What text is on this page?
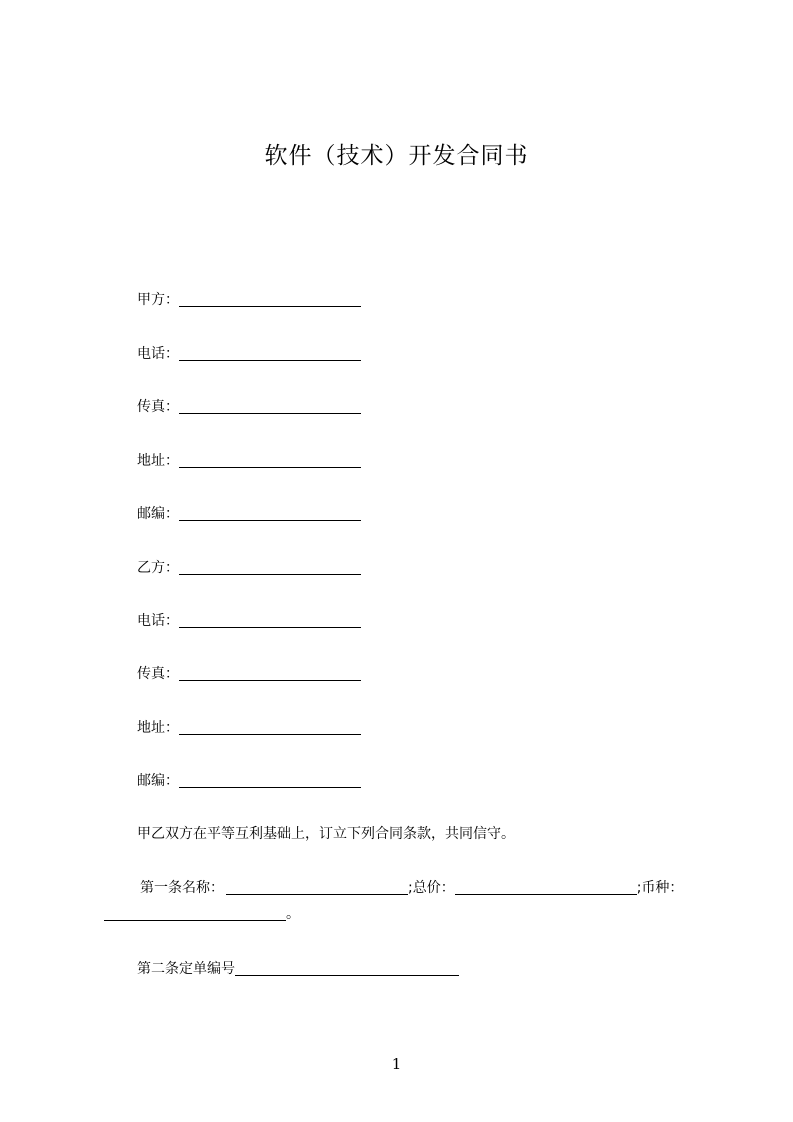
软件（技术）开发合同书
甲方：
电话：
传真：
地址：
邮编：
乙方：
电话：
传真：
地址：
邮编：
甲乙双方在平等互利基础上，订立下列合同条款，共同信守。
第一条名称：	; 总价：	; 币种：
。
第二条定单编号
1
